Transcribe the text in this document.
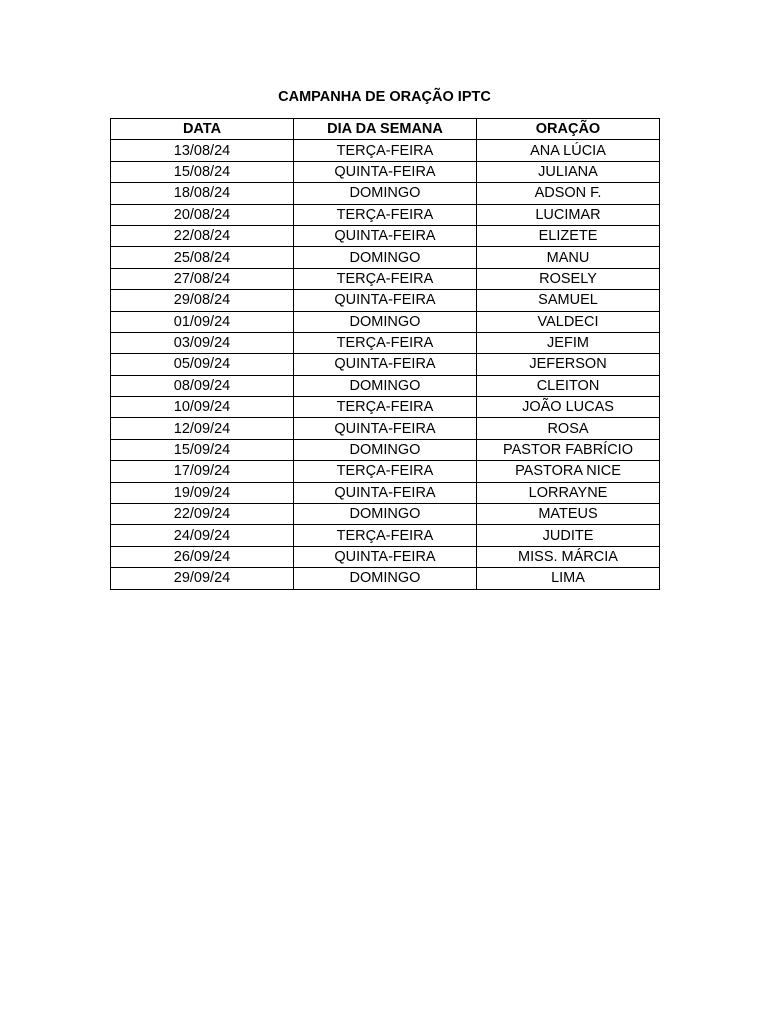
CAMPANHA DE ORAÇÃO IPTC
DATA	DIA DA SEMANA	ORAÇÃO
13/08/24	TERÇA-FEIRA	ANA LÚCIA
15/08/24	QUINTA-FEIRA	JULIANA
18/08/24	DOMINGO	ADSON F.
20/08/24	TERÇA-FEIRA	LUCIMAR
22/08/24	QUINTA-FEIRA	ELIZETE
25/08/24	DOMINGO	MANU
27/08/24	TERÇA-FEIRA	ROSELY
29/08/24	QUINTA-FEIRA	SAMUEL
01/09/24	DOMINGO	VALDECI
03/09/24	TERÇA-FEIRA	JEFIM
05/09/24	QUINTA-FEIRA	JEFERSON
08/09/24	DOMINGO	CLEITON
10/09/24	TERÇA-FEIRA	JOÃO LUCAS
12/09/24	QUINTA-FEIRA	ROSA
15/09/24	DOMINGO	PASTOR FABRÍCIO
17/09/24	TERÇA-FEIRA	PASTORA NICE
19/09/24	QUINTA-FEIRA	LORRAYNE
22/09/24	DOMINGO	MATEUS
24/09/24	TERÇA-FEIRA	JUDITE
26/09/24	QUINTA-FEIRA	MISS. MÁRCIA
29/09/24	DOMINGO	LIMA
